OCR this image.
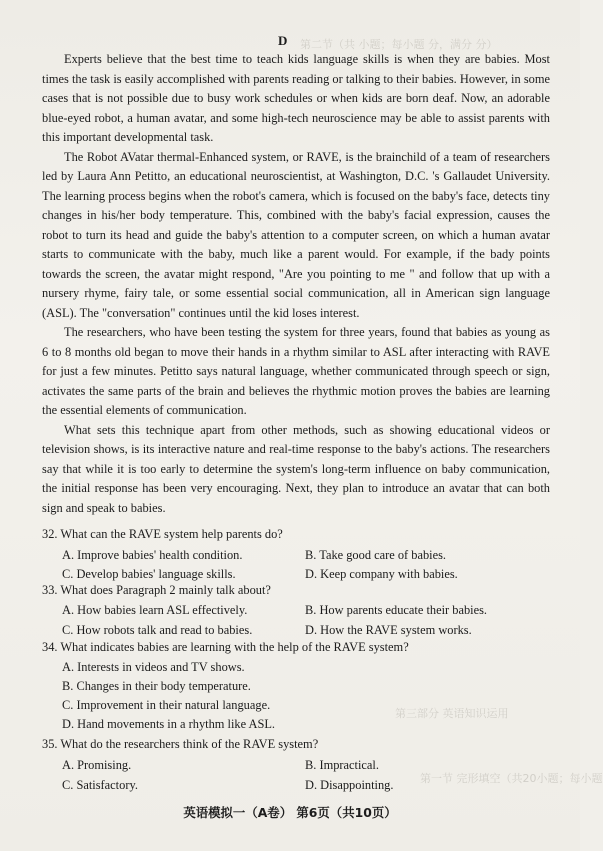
第二节（共 小题；每小题 分，满分 分）
第三部分 英语知识运用
第一节 完形填空（共20小题；每小题
D

Experts believe that the best time to teach kids language skills is when they are babies. Most times the task is easily accomplished with parents reading or talking to their babies. However, in some cases that is not possible due to busy work schedules or when kids are born deaf. Now, an adorable blue-eyed robot, a human avatar, and some high-tech neuroscience may be able to assist parents with this important developmental task.

The Robot AVatar thermal-Enhanced system, or RAVE, is the brainchild of a team of researchers led by Laura Ann Petitto, an educational neuroscientist, at Washington, D.C. 's Gallaudet University. The learning process begins when the robot's camera, which is focused on the baby's face, detects tiny changes in his/her body temperature. This, combined with the baby's facial expression, causes the robot to turn its head and guide the baby's attention to a computer screen, on which a human avatar starts to communicate with the baby, much like a parent would. For example, if the bady points towards the screen, the avatar might respond, "Are you pointing to me " and follow that up with a nursery rhyme, fairy tale, or some essential social communication, all in American sign language (ASL). The "conversation" continues until the kid loses interest.

The researchers, who have been testing the system for three years, found that babies as young as 6 to 8 months old began to move their hands in a rhythm similar to ASL after interacting with RAVE for just a few minutes. Petitto says natural language, whether communicated through speech or sign, activates the same parts of the brain and believes the rhythmic motion proves the babies are learning the essential elements of communication.

What sets this technique apart from other methods, such as showing educational videos or television shows, is its interactive nature and real-time response to the baby's actions. The researchers say that while it is too early to determine the system's long-term influence on baby communication, the initial response has been very encouraging. Next, they plan to introduce an avatar that can both sign and speak to babies.

32. What can the RAVE system help parents do?
A. Improve babies' health condition.	B. Take good care of babies.
C. Develop babies' language skills.	D. Keep company with babies.
33. What does Paragraph 2 mainly talk about?
A. How babies learn ASL effectively.	B. How parents educate their babies.
C. How robots talk and read to babies.	D. How the RAVE system works.
34. What indicates babies are learning with the help of the RAVE system?
A. Interests in videos and TV shows.
B. Changes in their body temperature.
C. Improvement in their natural language.
D. Hand movements in a rhythm like ASL.
35. What do the researchers think of the RAVE system?
A. Promising.	B. Impractical.
C. Satisfactory.	D. Disappointing.
英语模拟一（A卷） 第6页（共10页）
